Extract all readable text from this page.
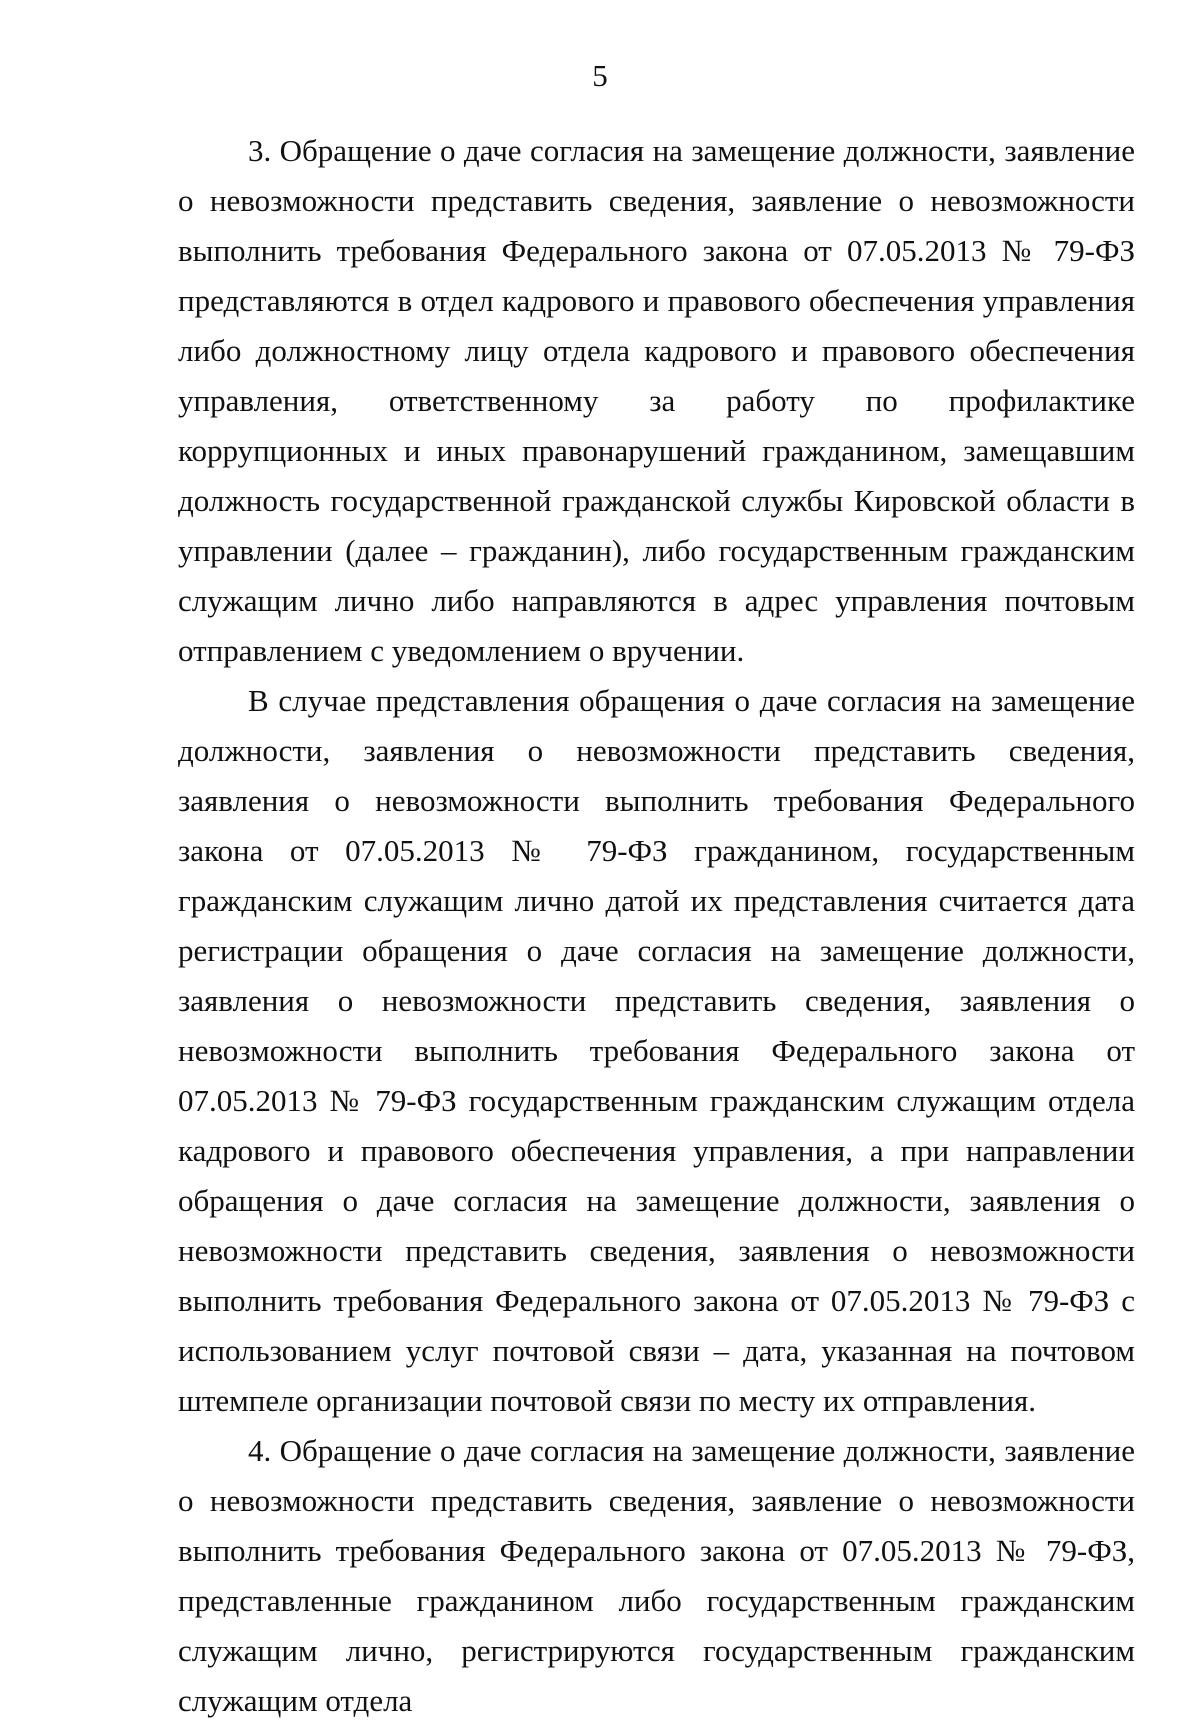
5

3. Обращение о даче согласия на замещение должности, заявление о невозможности представить сведения, заявление о невозможности выполнить требования Федерального закона от 07.05.2013 № 79-ФЗ представляются в отдел кадрового и правового обеспечения управления либо должностному лицу отдела кадрового и правового обеспечения управления, ответственному за работу по профилактике коррупционных и иных правонарушений гражданином, замещавшим должность государственной гражданской службы Кировской области в управлении (далее – гражданин), либо государственным гражданским служащим лично либо направляются в адрес управления почтовым отправлением с уведомлением о вручении.

В случае представления обращения о даче согласия на замещение должности, заявления о невозможности представить сведения, заявления о невозможности выполнить требования Федерального закона от 07.05.2013 № 79-ФЗ гражданином, государственным гражданским служащим лично датой их представления считается дата регистрации обращения о даче согласия на замещение должности, заявления о невозможности представить сведения, заявления о невозможности выполнить требования Федерального закона от 07.05.2013 № 79-ФЗ государственным гражданским служащим отдела кадрового и правового обеспечения управления, а при направлении обращения о даче согласия на замещение должности, заявления о невозможности представить сведения, заявления о невозможности выполнить требования Федерального закона от 07.05.2013 № 79-ФЗ с использованием услуг почтовой связи – дата, указанная на почтовом штемпеле организации почтовой связи по месту их отправления.

4. Обращение о даче согласия на замещение должности, заявление о невозможности представить сведения, заявление о невозможности выполнить требования Федерального закона от 07.05.2013 № 79-ФЗ, представленные гражданином либо государственным гражданским служащим лично, регистрируются государственным гражданским служащим отдела
